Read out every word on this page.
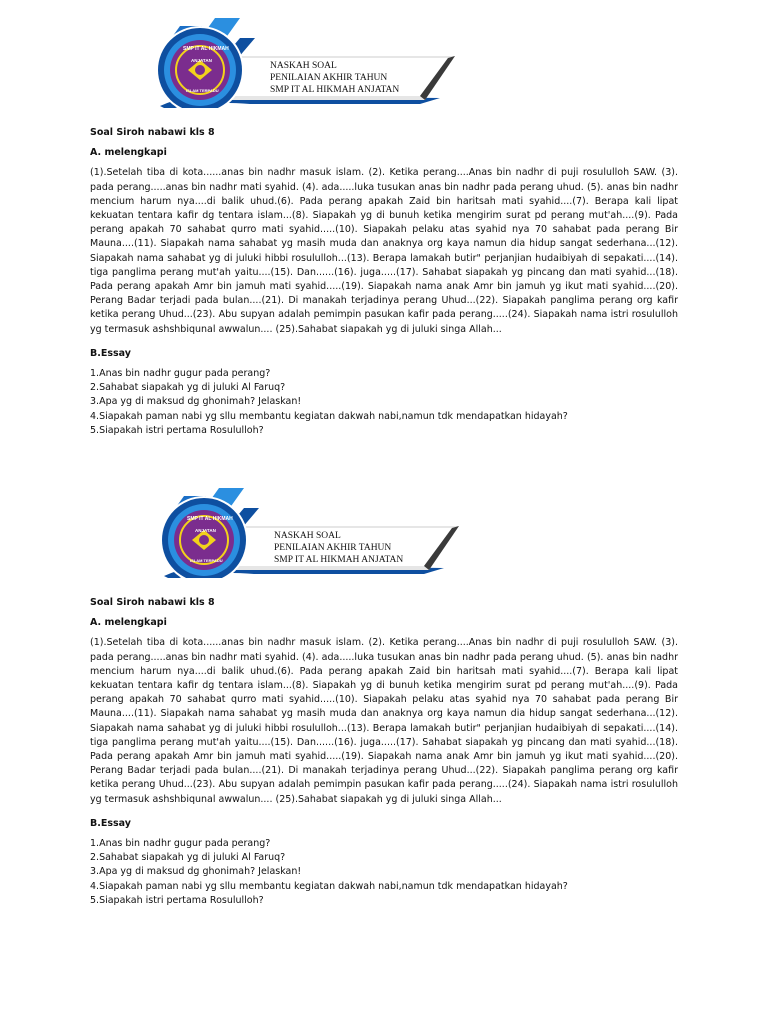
SMP IT AL HIKMAH
ANJATAN
ISLAM TERPADU
NASKAH SOAL
PENILAIAN AKHIR TAHUN
SMP IT AL HIKMAH ANJATAN

Soal Siroh nabawi kls 8

A. melengkapi

(1).Setelah tiba di kota......anas bin nadhr masuk islam. (2). Ketika perang....Anas bin nadhr di puji rosululloh SAW. (3). pada perang.....anas bin nadhr mati syahid. (4). ada.....luka tusukan anas bin nadhr pada perang uhud. (5). anas bin nadhr mencium harum nya....di balik uhud.(6). Pada perang apakah Zaid bin haritsah mati syahid....(7). Berapa kali lipat kekuatan tentara kafir dg tentara islam...(8). Siapakah yg di bunuh ketika mengirim surat pd perang mut'ah....(9). Pada perang apakah 70 sahabat qurro mati syahid.....(10). Siapakah pelaku atas syahid nya 70 sahabat pada perang Bir Mauna....(11). Siapakah nama sahabat yg masih muda dan anaknya org kaya namun dia hidup sangat sederhana...(12). Siapakah nama sahabat yg di juluki hibbi rosululloh...(13). Berapa lamakah butir" perjanjian hudaibiyah di sepakati....(14). tiga panglima perang mut'ah yaitu....(15). Dan......(16). juga.....(17). Sahabat siapakah yg pincang dan mati syahid...(18). Pada perang apakah Amr bin jamuh mati syahid.....(19). Siapakah nama anak Amr bin jamuh yg ikut mati syahid....(20). Perang Badar terjadi pada bulan....(21). Di manakah terjadinya perang Uhud...(22). Siapakah panglima perang org kafir ketika perang Uhud...(23). Abu supyan adalah pemimpin pasukan kafir pada perang.....(24). Siapakah nama istri rosululloh yg termasuk ashshbiqunal awwalun.... (25).Sahabat siapakah yg di juluki singa Allah...

B.Essay

1.Anas bin nadhr gugur pada perang?
2.Sahabat siapakah yg di juluki Al Faruq?
3.Apa yg di maksud dg ghonimah? Jelaskan!
4.Siapakah paman nabi yg sllu membantu kegiatan dakwah nabi,namun tdk mendapatkan hidayah?
5.Siapakah istri pertama Rosululloh?
SMP IT AL HIKMAH
ANJATAN
ISLAM TERPADU
NASKAH SOAL
PENILAIAN AKHIR TAHUN
SMP IT AL HIKMAH ANJATAN

Soal Siroh nabawi kls 8

A. melengkapi

(1).Setelah tiba di kota......anas bin nadhr masuk islam. (2). Ketika perang....Anas bin nadhr di puji rosululloh SAW. (3). pada perang.....anas bin nadhr mati syahid. (4). ada.....luka tusukan anas bin nadhr pada perang uhud. (5). anas bin nadhr mencium harum nya....di balik uhud.(6). Pada perang apakah Zaid bin haritsah mati syahid....(7). Berapa kali lipat kekuatan tentara kafir dg tentara islam...(8). Siapakah yg di bunuh ketika mengirim surat pd perang mut'ah....(9). Pada perang apakah 70 sahabat qurro mati syahid.....(10). Siapakah pelaku atas syahid nya 70 sahabat pada perang Bir Mauna....(11). Siapakah nama sahabat yg masih muda dan anaknya org kaya namun dia hidup sangat sederhana...(12). Siapakah nama sahabat yg di juluki hibbi rosululloh...(13). Berapa lamakah butir" perjanjian hudaibiyah di sepakati....(14). tiga panglima perang mut'ah yaitu....(15). Dan......(16). juga.....(17). Sahabat siapakah yg pincang dan mati syahid...(18). Pada perang apakah Amr bin jamuh mati syahid.....(19). Siapakah nama anak Amr bin jamuh yg ikut mati syahid....(20). Perang Badar terjadi pada bulan....(21). Di manakah terjadinya perang Uhud...(22). Siapakah panglima perang org kafir ketika perang Uhud...(23). Abu supyan adalah pemimpin pasukan kafir pada perang.....(24). Siapakah nama istri rosululloh yg termasuk ashshbiqunal awwalun.... (25).Sahabat siapakah yg di juluki singa Allah...

B.Essay

1.Anas bin nadhr gugur pada perang?
2.Sahabat siapakah yg di juluki Al Faruq?
3.Apa yg di maksud dg ghonimah? Jelaskan!
4.Siapakah paman nabi yg sllu membantu kegiatan dakwah nabi,namun tdk mendapatkan hidayah?
5.Siapakah istri pertama Rosululloh?
